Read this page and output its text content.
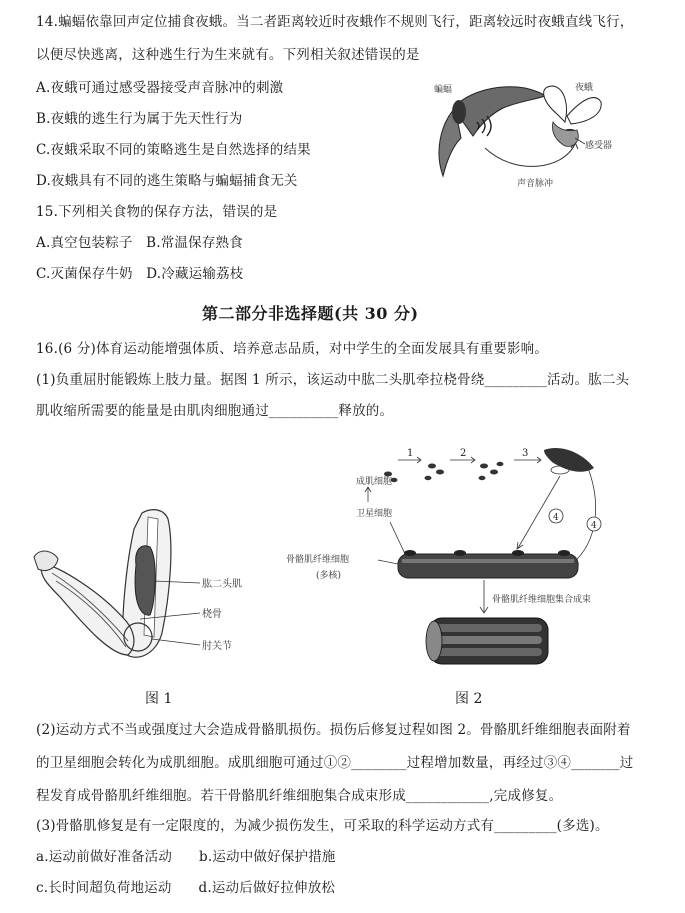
14.蝙蝠依靠回声定位捕食夜蛾。当二者距离较近时夜蛾作不规则飞行，距离较远时夜蛾直线飞行，
以便尽快逃离，这种逃生行为生来就有。下列相关叙述错误的是
A.夜蛾可通过感受器接受声音脉冲的刺激
B.夜蛾的逃生行为属于先天性行为
C.夜蛾采取不同的策略逃生是自然选择的结果
D.夜蛾具有不同的逃生策略与蝙蝠捕食无关
蝙蝠	夜蛾
感受器
声音脉冲
15.下列相关食物的保存方法，错误的是
A.真空包装粽子   B.常温保存熟食
C.灭菌保存牛奶   D.冷藏运输荔枝
第二部分非选择题(共 30 分)
16.(6 分)体育运动能增强体质、培养意志品质，对中学生的全面发展具有重要影响。
(1)负重屈肘能锻炼上肢力量。据图 1 所示，该运动中肱二头肌牵拉桡骨绕_________活动。肱二头
肌收缩所需要的能量是由肌肉细胞通过__________释放的。
肱二头肌
桡骨
肘关节
图 1
1	2	3
成肌细胞
卫星细胞	4
4
骨骼肌纤维细胞
(多核)
骨骼肌纤维细胞集合成束
图 2
(2)运动方式不当或强度过大会造成骨骼肌损伤。损伤后修复过程如图 2。骨骼肌纤维细胞表面附着
的卫星细胞会转化为成肌细胞。成肌细胞可通过①②________过程增加数量，再经过③④_______过
程发育成骨骼肌纤维细胞。若干骨骼肌纤维细胞集合成束形成____________,完成修复。
(3)骨骼肌修复是有一定限度的，为减少损伤发生，可采取的科学运动方式有_________(多选)。
a.运动前做好准备活动      b.运动中做好保护措施
c.长时间超负荷地运动      d.运动后做好拉伸放松
